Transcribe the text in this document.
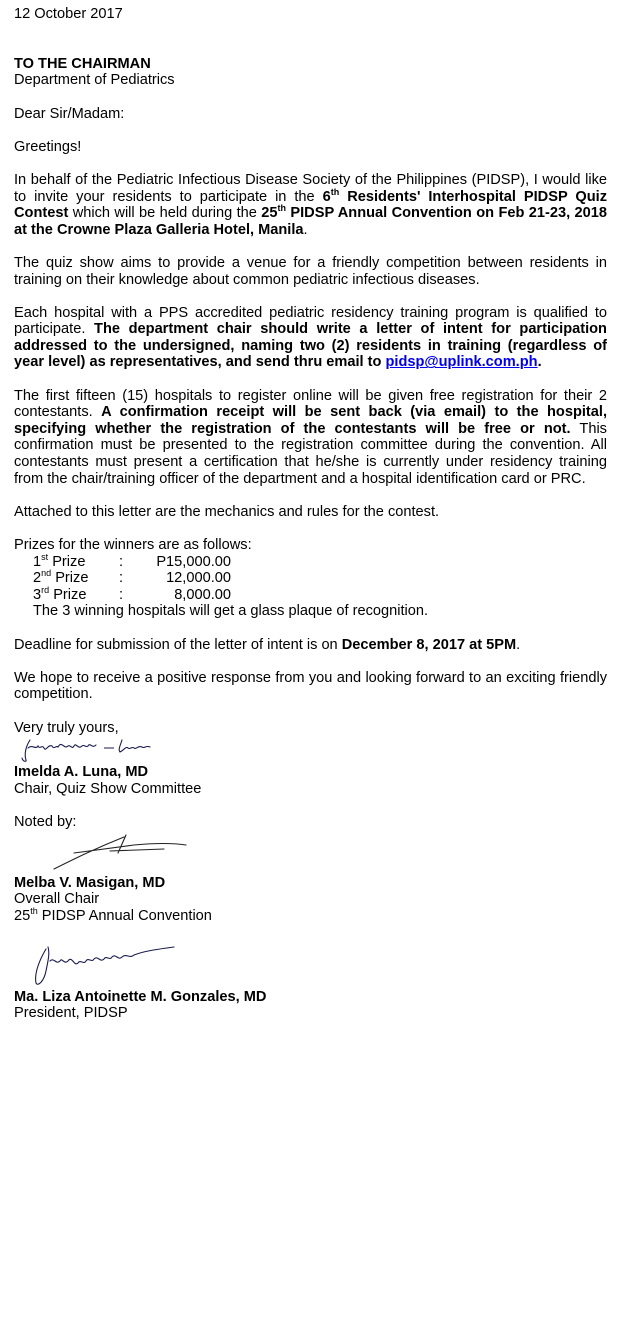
12 October 2017

TO THE CHAIRMAN

Department of Pediatrics

Dear Sir/Madam:

Greetings!

In behalf of the Pediatric Infectious Disease Society of the Philippines (PIDSP), I would like to invite your residents to participate in the 6th Residents' Interhospital PIDSP Quiz Contest which will be held during the 25th PIDSP Annual Convention on Feb 21-23, 2018 at the Crowne Plaza Galleria Hotel, Manila.

The quiz show aims to provide a venue for a friendly competition between residents in training on their knowledge about common pediatric infectious diseases.

Each hospital with a PPS accredited pediatric residency training program is qualified to participate. The department chair should write a letter of intent for participation addressed to the undersigned, naming two (2) residents in training (regardless of year level) as representatives, and send thru email to pidsp@uplink.com.ph.

The first fifteen (15) hospitals to register online will be given free registration for their 2 contestants. A confirmation receipt will be sent back (via email) to the hospital, specifying whether the registration of the contestants will be free or not. This confirmation must be presented to the registration committee during the convention. All contestants must present a certification that he/she is currently under residency training from the chair/training officer of the department and a hospital identification card or PRC.

Attached to this letter are the mechanics and rules for the contest.

Prizes for the winners are as follows:

1st Prize	:	P15,000.00
2nd Prize	:	12,000.00
3rd Prize	:	8,000.00

The 3 winning hospitals will get a glass plaque of recognition.

Deadline for submission of the letter of intent is on December 8, 2017 at 5PM.

We hope to receive a positive response from you and looking forward to an exciting friendly competition.

Very truly yours,

Imelda A. Luna, MD

Chair, Quiz Show Committee

Noted by:

Melba V. Masigan, MD

Overall Chair

25th PIDSP Annual Convention

Ma. Liza Antoinette M. Gonzales, MD

President, PIDSP
